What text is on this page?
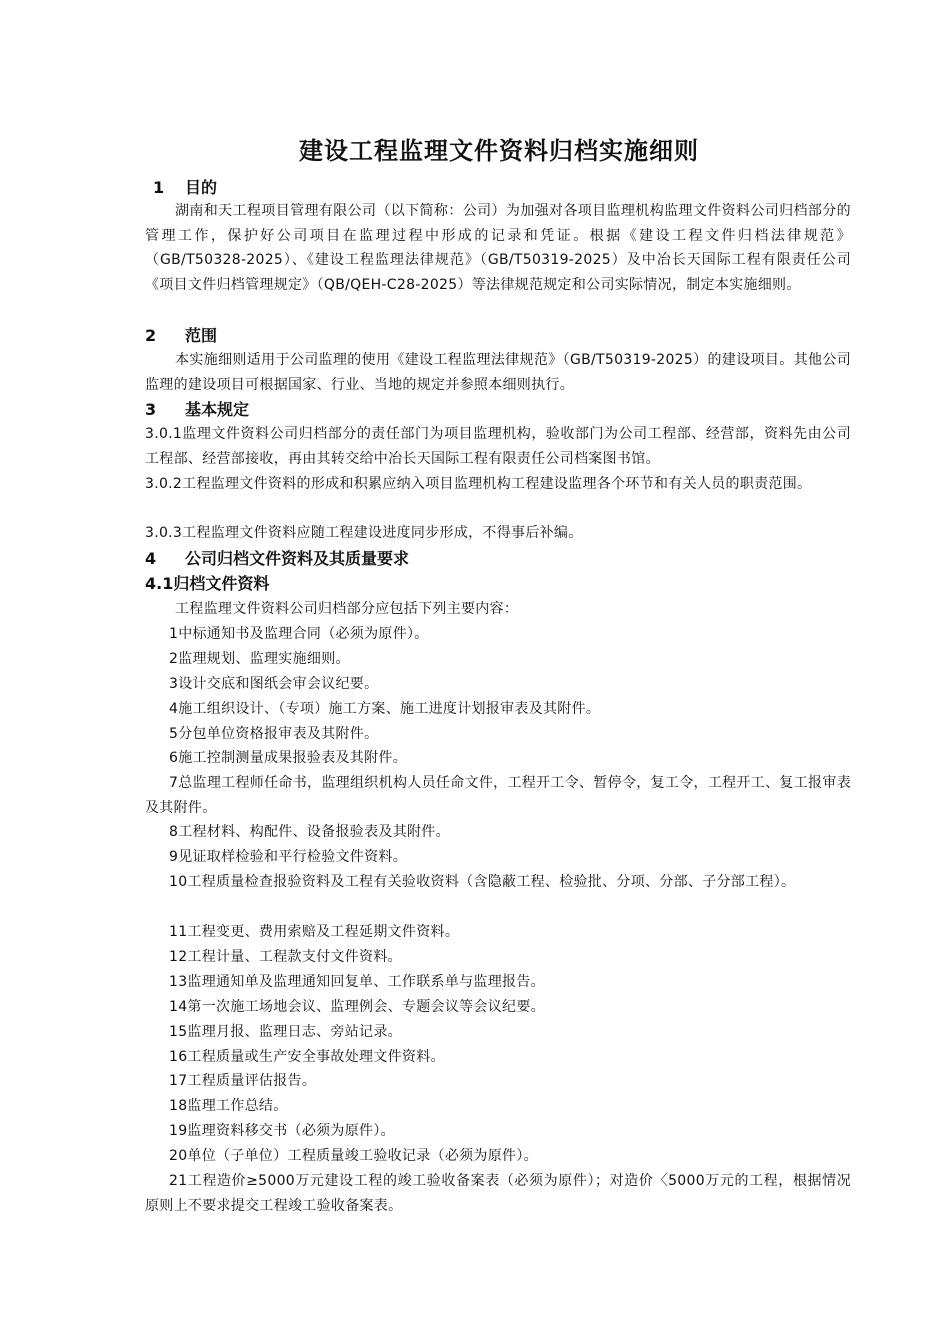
建设工程监理文件资料归档实施细则
1 目的
湖南和天工程项目管理有限公司（以下简称：公司）为加强对各项目监理机构监理文件资料公司归档部分的管理工作，保护好公司项目在监理过程中形成的记录和凭证。根据《建设工程文件归档法律规范》（GB/T50328-2025）、《建设工程监理法律规范》（GB/T50319-2025）及中冶长天国际工程有限责任公司《项目文件归档管理规定》（QB/QEH-C28-2025）等法律规范规定和公司实际情况，制定本实施细则。
2 范围
本实施细则适用于公司监理的使用《建设工程监理法律规范》（GB/T50319-2025）的建设项目。其他公司监理的建设项目可根据国家、行业、当地的规定并参照本细则执行。
3 基本规定
3.0.1监理文件资料公司归档部分的责任部门为项目监理机构，验收部门为公司工程部、经营部，资料先由公司工程部、经营部接收，再由其转交给中冶长天国际工程有限责任公司档案图书馆。
3.0.2工程监理文件资料的形成和积累应纳入项目监理机构工程建设监理各个环节和有关人员的职责范围。
3.0.3工程监理文件资料应随工程建设进度同步形成，不得事后补编。
4 公司归档文件资料及其质量要求
4.1归档文件资料
工程监理文件资料公司归档部分应包括下列主要内容：
1中标通知书及监理合同（必须为原件）。
2监理规划、监理实施细则。
3设计交底和图纸会审会议纪要。
4施工组织设计、（专项）施工方案、施工进度计划报审表及其附件。
5分包单位资格报审表及其附件。
6施工控制测量成果报验表及其附件。
7总监理工程师任命书，监理组织机构人员任命文件，工程开工令、暂停令，复工令，工程开工、复工报审表及其附件。
8工程材料、构配件、设备报验表及其附件。
9见证取样检验和平行检验文件资料。
10工程质量检查报验资料及工程有关验收资料（含隐蔽工程、检验批、分项、分部、子分部工程）。
11工程变更、费用索赔及工程延期文件资料。
12工程计量、工程款支付文件资料。
13监理通知单及监理通知回复单、工作联系单与监理报告。
14第一次施工场地会议、监理例会、专题会议等会议纪要。
15监理月报、监理日志、旁站记录。
16工程质量或生产安全事故处理文件资料。
17工程质量评估报告。
18监理工作总结。
19监理资料移交书（必须为原件）。
20单位（子单位）工程质量竣工验收记录（必须为原件）。
21工程造价≥5000万元建设工程的竣工验收备案表（必须为原件）；对造价〈5000万元的工程，根据情况原则上不要求提交工程竣工验收备案表。
